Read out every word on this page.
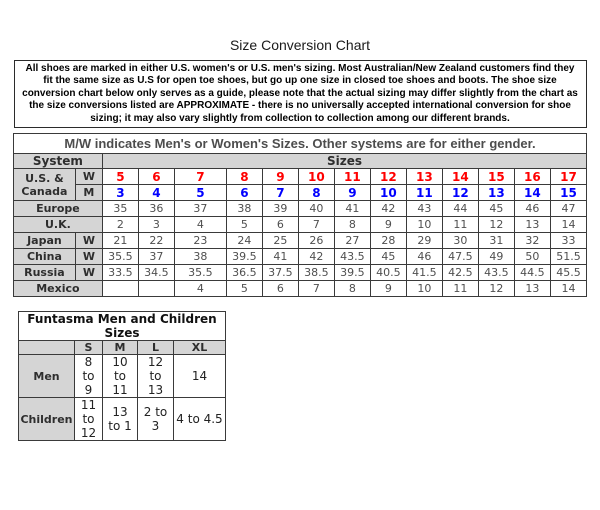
Size Conversion Chart
All shoes are marked in either U.S. women's or U.S. men's sizing. Most Australian/New Zealand customers find they fit the same size as U.S for open toe shoes, but go up one size in closed toe shoes and boots. The shoe size conversion chart below only serves as a guide, please note that the actual sizing may differ slightly from the chart as the size conversions listed are APPROXIMATE - there is no universally accepted international conversion for shoe sizing; it may also vary slightly from collection to collection among our different brands.
M/W indicates Men's or Women's Sizes. Other systems are for either gender.														
System		Sizes												
U.S. & Canada	W	5	6	7	8	9	10	11	12	13	14	15	16	17
	M	3	4	5	6	7	8	9	10	11	12	13	14	15
Europe		35	36	37	38	39	40	41	42	43	44	45	46	47
U.K.		2	3	4	5	6	7	8	9	10	11	12	13	14
Japan	W	21	22	23	24	25	26	27	28	29	30	31	32	33
China	W	35.5	37	38	39.5	41	42	43.5	45	46	47.5	49	50	51.5
Russia	W	33.5	34.5	35.5	36.5	37.5	38.5	39.5	40.5	41.5	42.5	43.5	44.5	45.5
Mexico				4	5	6	7	8	9	10	11	12	13	14
Funtasma Men and Children Sizes				
	S	M	L	XL
Men	8
to
9	10
to
11	12
to
13	14
Children	11
to
12	13
to 1	2 to
3	4 to 4.5
